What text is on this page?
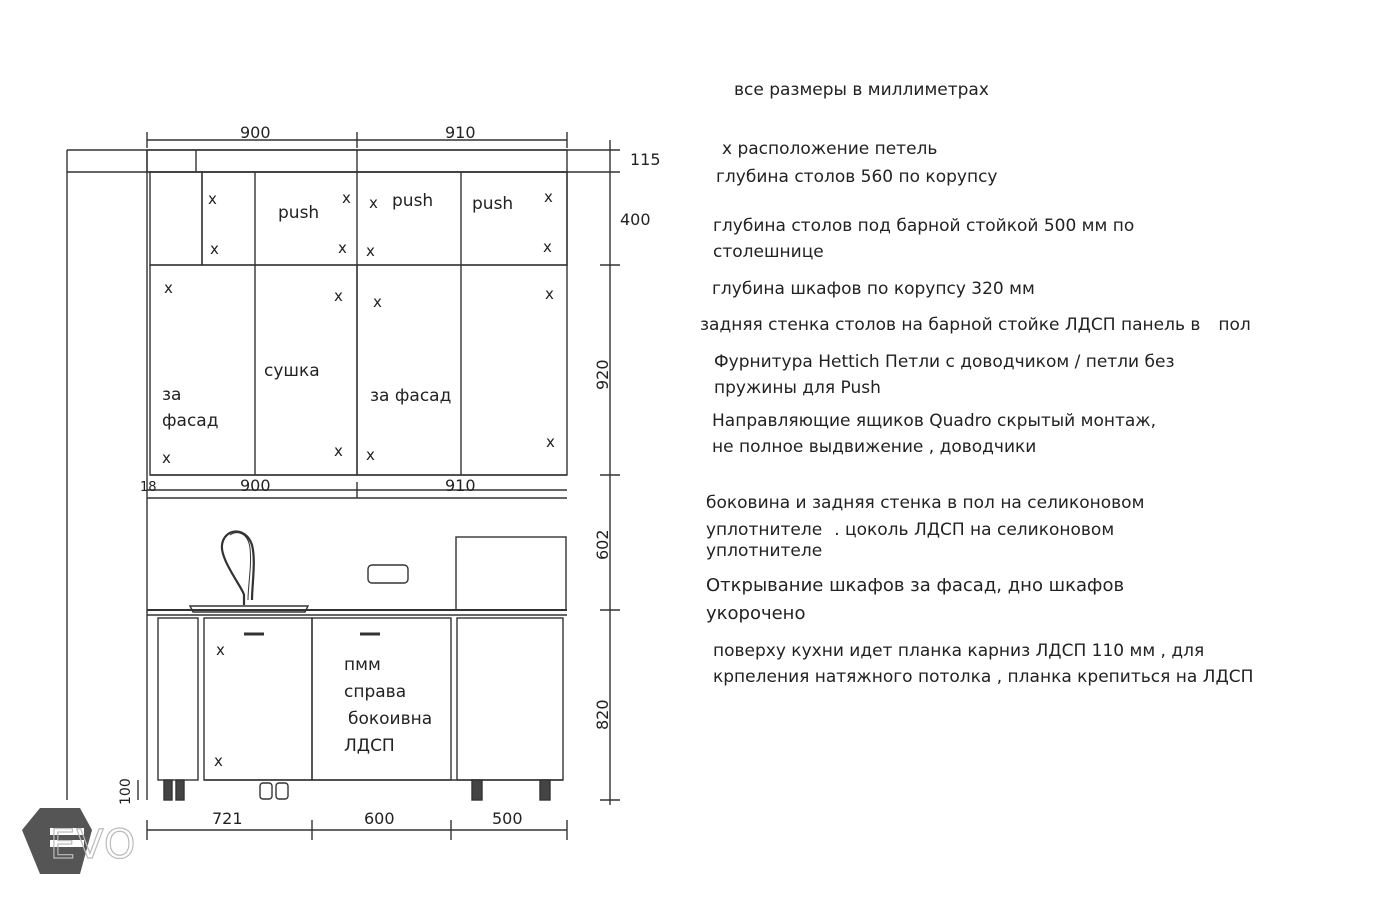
900	910
900	910
18
115
400
920
602
820
100
721	600	500
push
push push
за
фасад
сушка
за фасад
пмм
справа
бокоивна
ЛДСП
x
x
x
x
x
x
x
x
x	x x	x
x	x x
x
x
x
EVO
все размеры в миллиметрах
х расположение петель
глубина столов 560 по корупсу
глубина столов под барной стойкой 500 мм по
столешнице
глубина шкафов по корупсу 320 мм
задняя стенка столов на барной стойке ЛДСП панель в пол
Фурнитура Hettich Петли с доводчиком / петли без
пружины для Push
Направляющие ящиков Quadro скрытый монтаж,
не полное выдвижение , доводчики
боковина и задняя стенка в пол на селиконовом
уплотнителе . цоколь ЛДСП на селиконовом
уплотнителе
Открывание шкафов за фасад, дно шкафов
укорочено
поверху кухни идет планка карниз ЛДСП 110 мм , для
крпеления натяжного потолка , планка крепиться на ЛДСП
